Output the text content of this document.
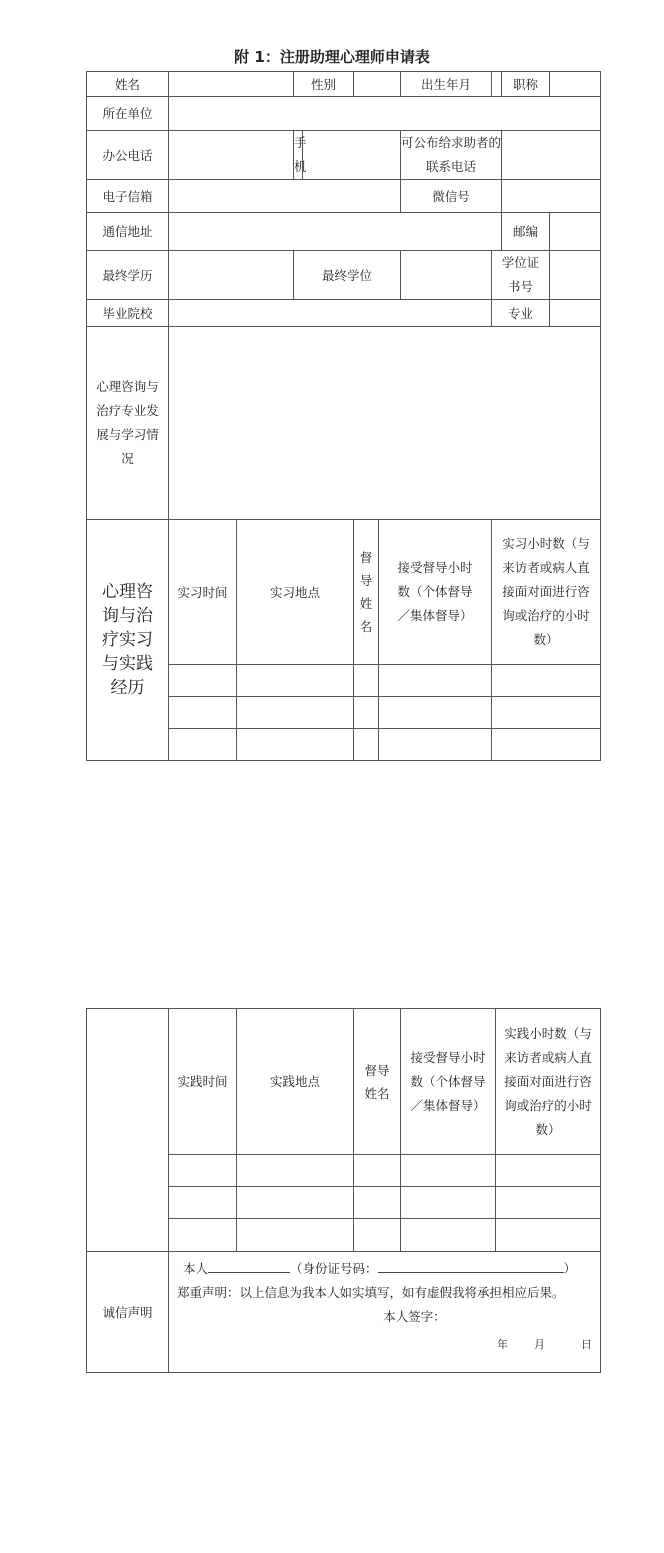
附 1：注册助理心理师申请表
姓名			性别				出生年月		职称	
所在单位										
办公电话			手
机				可公布给求助者的联系电话			
电子信箱							微信号			
通信地址									邮编	
最终学历			最终学位					学位证书号		
毕业院校								专业		
心理咨询与治疗专业发展与学习情况										
心理咨询与治疗实习与实践经历	实习时间	实习地点			督导姓名	接受督导小时数（个体督导／集体督导）		实习小时数（与来访者或病人直接面对面进行咨询或治疗的小时数）		

	实践时间	实践地点	督导姓名	接受督导小时数（个体督导／集体督导）	实践小时数（与来访者或病人直接面对面进行咨询或治疗的小时数）

诚信声明	本人 （身份证号码： ）
郑重声明：以上信息为我本人如实填写，如有虚假我将承担相应后果。

本人签字：
年 月 日				
